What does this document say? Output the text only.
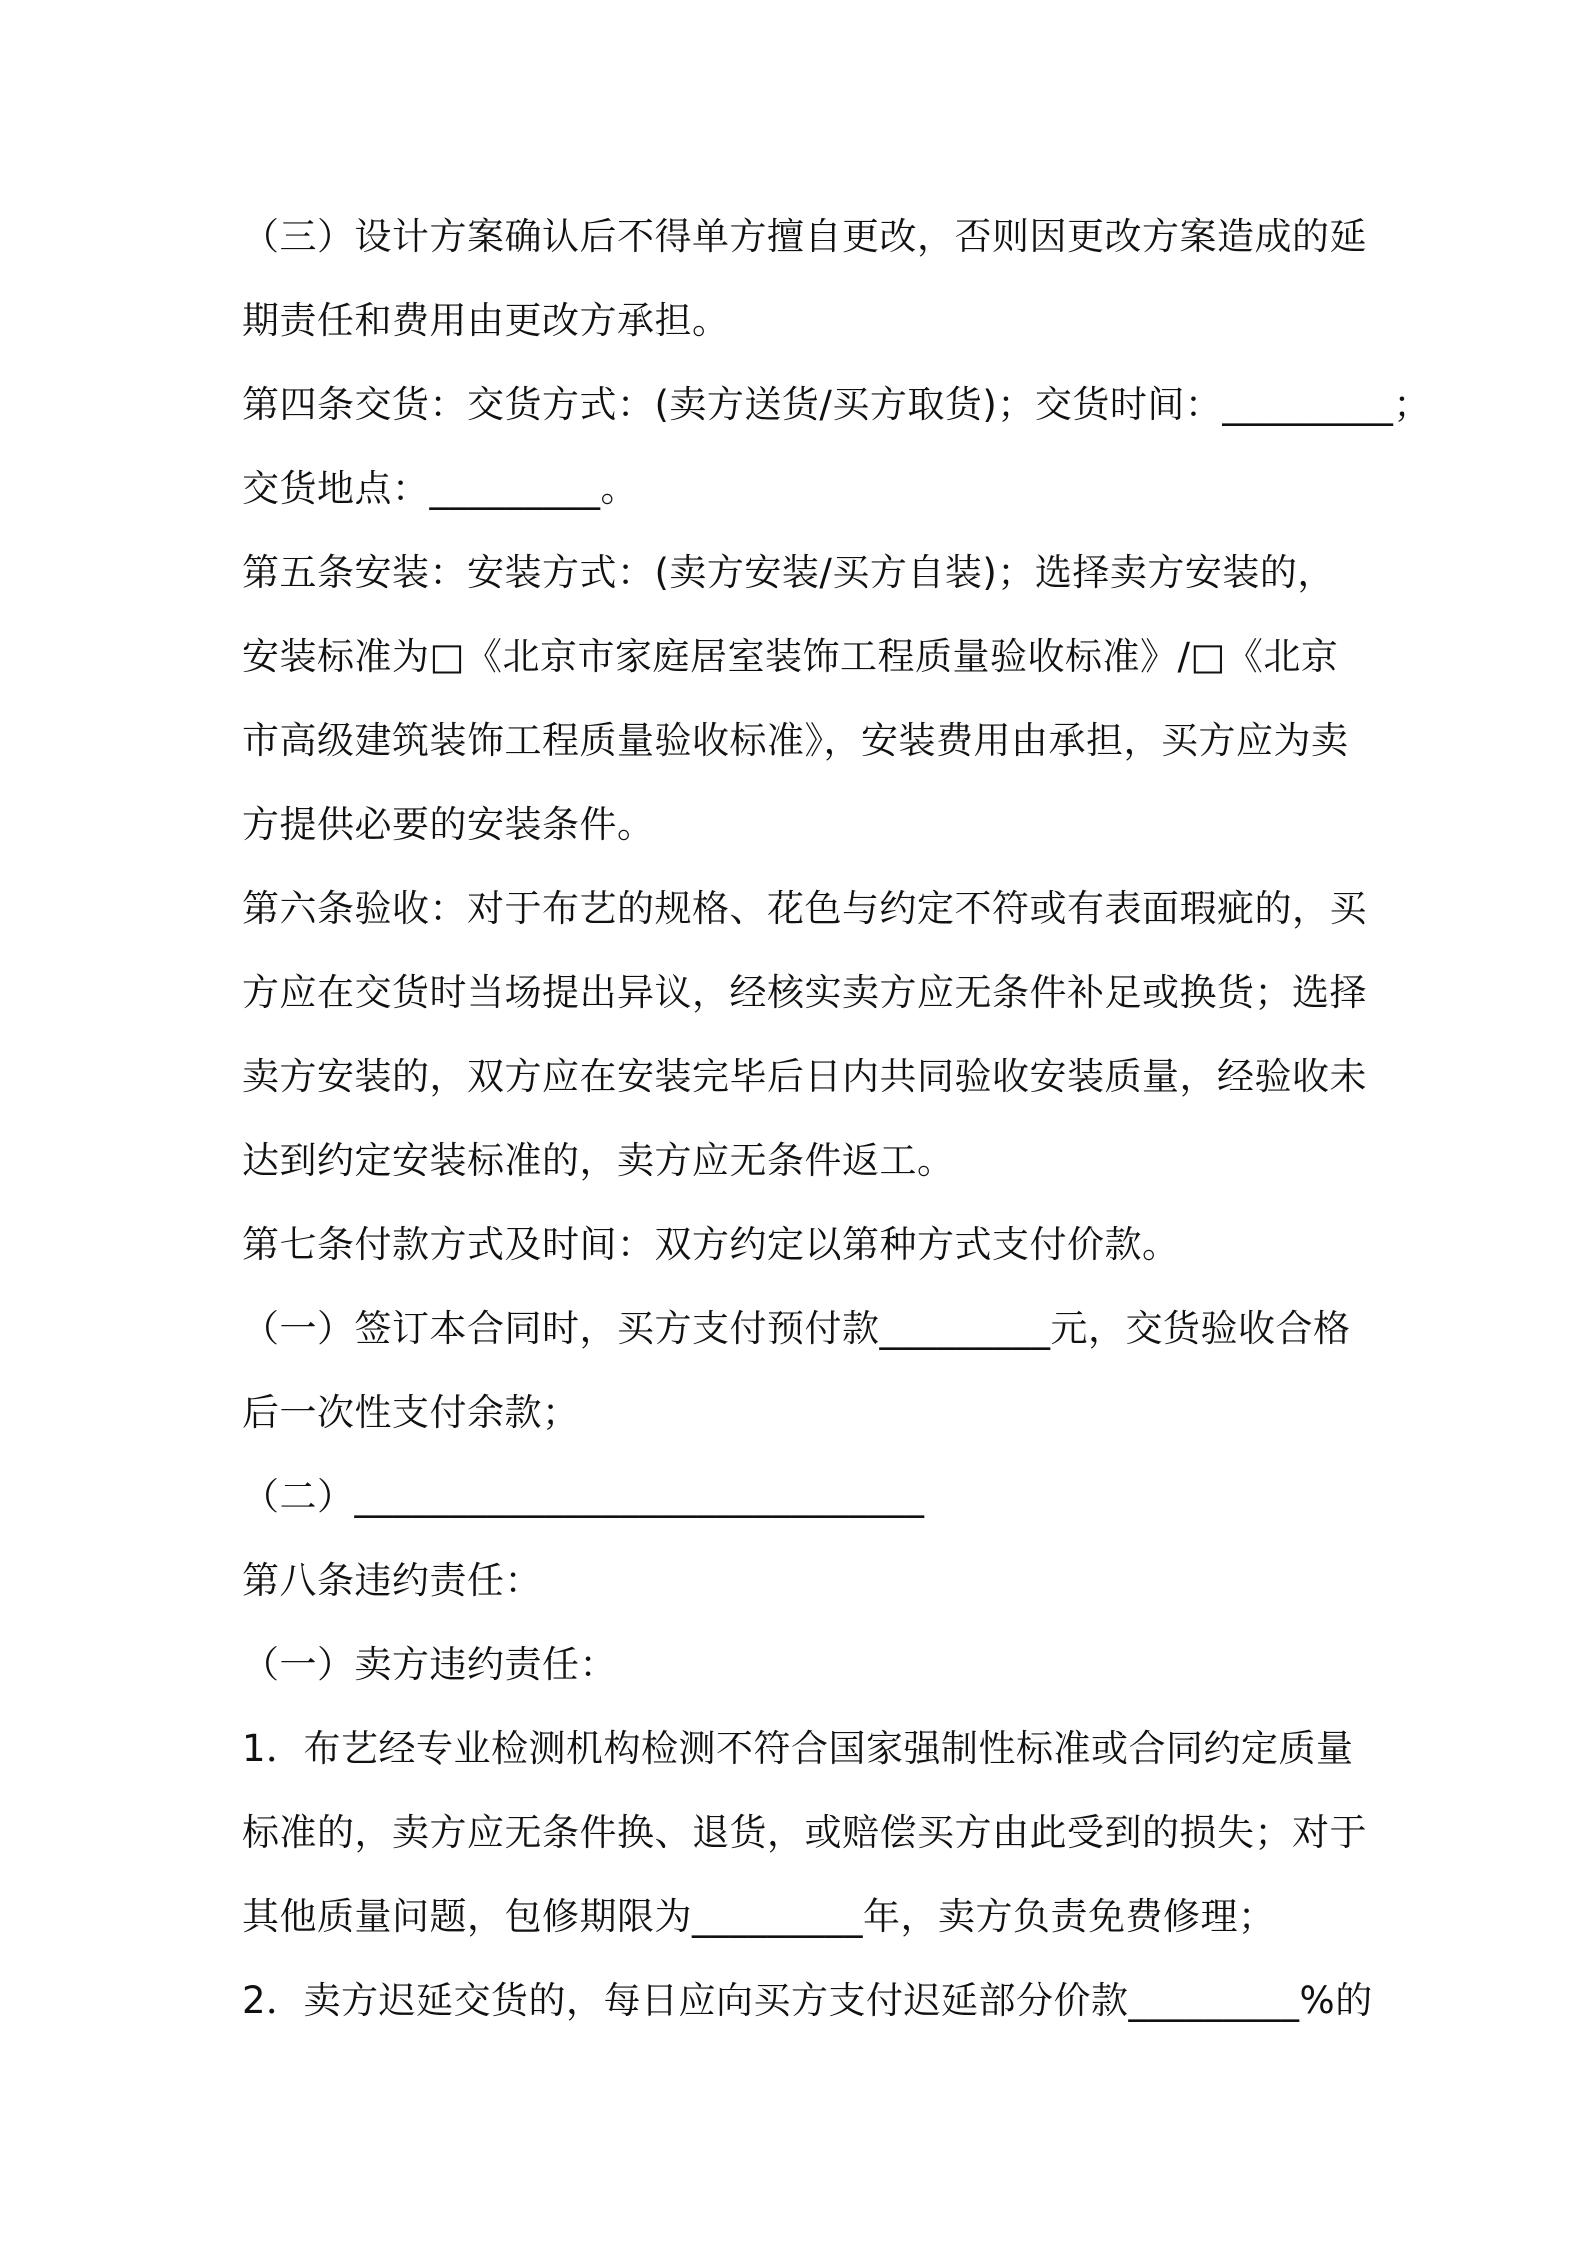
（三）设计方案确认后不得单方擅自更改，否则因更改方案造成的延
期责任和费用由更改方承担。
第四条交货：交货方式：(卖方送货/买方取货)；交货时间：_________；
交货地点：_________。
第五条安装：安装方式：(卖方安装/买方自装)；选择卖方安装的，
安装标准为□《北京市家庭居室装饰工程质量验收标准》/□《北京
市高级建筑装饰工程质量验收标准》，安装费用由承担，买方应为卖
方提供必要的安装条件。
第六条验收：对于布艺的规格、花色与约定不符或有表面瑕疵的，买
方应在交货时当场提出异议，经核实卖方应无条件补足或换货；选择
卖方安装的，双方应在安装完毕后日内共同验收安装质量，经验收未
达到约定安装标准的，卖方应无条件返工。
第七条付款方式及时间：双方约定以第种方式支付价款。
（一）签订本合同时，买方支付预付款_________元，交货验收合格
后一次性支付余款；
（二）______________________________
第八条违约责任：
（一）卖方违约责任：
1．布艺经专业检测机构检测不符合国家强制性标准或合同约定质量
标准的，卖方应无条件换、退货，或赔偿买方由此受到的损失；对于
其他质量问题，包修期限为_________年，卖方负责免费修理；
2．卖方迟延交货的，每日应向买方支付迟延部分价款_________%的
